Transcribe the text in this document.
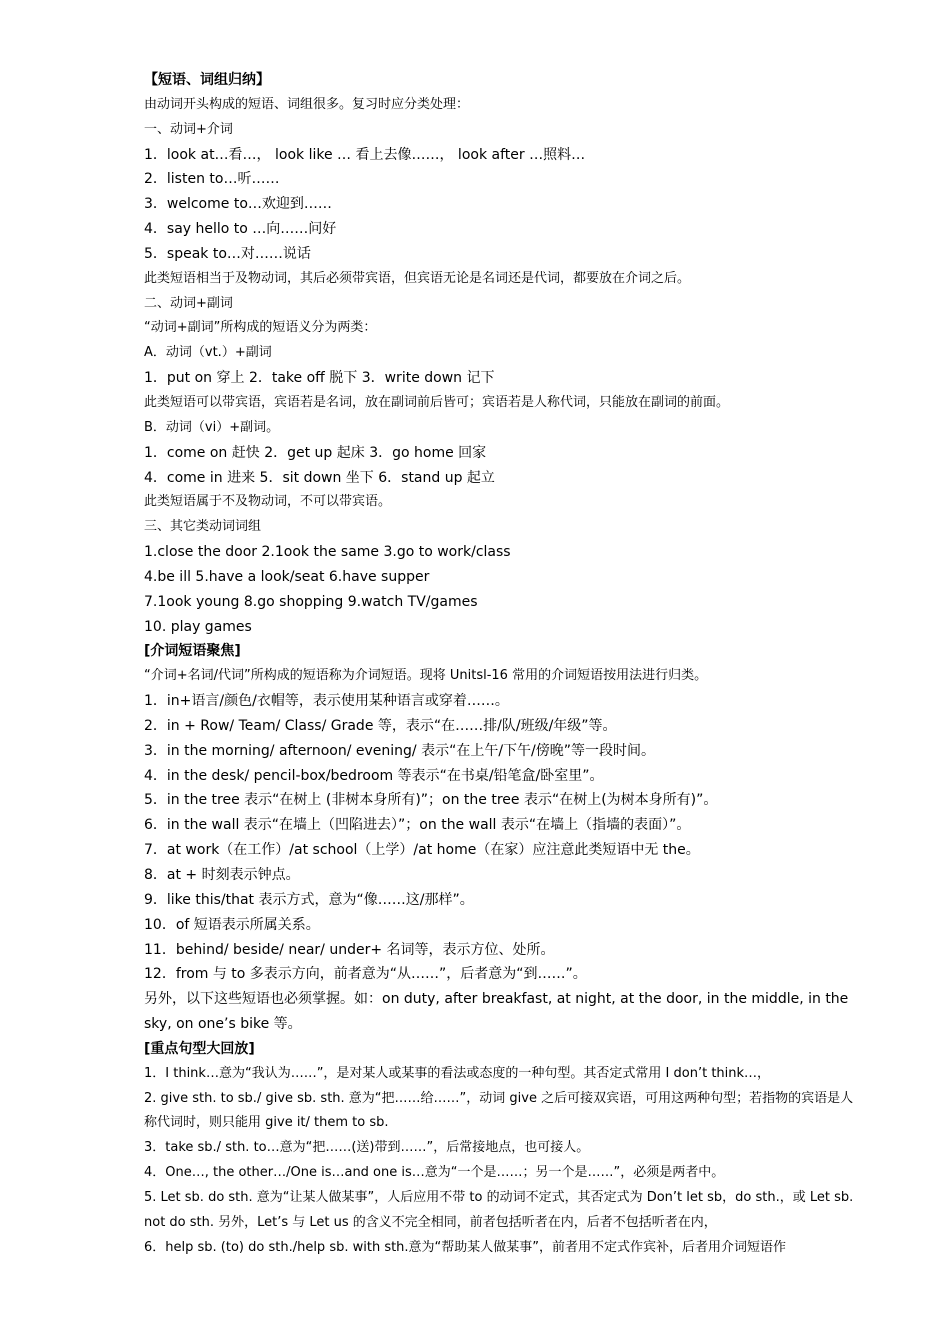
【短语、词组归纳】

由动词开头构成的短语、词组很多。复习时应分类处理：

一、动词+介词

1．look at…看…， look like … 看上去像……， look after …照料…

2．listen to…听……

3．welcome to…欢迎到……

4．say hello to …向……问好

5．speak to…对……说话

此类短语相当于及物动词，其后必须带宾语，但宾语无论是名词还是代词，都要放在介词之后。

二、动词+副词

“动词+副词”所构成的短语义分为两类：

A．动词（vt.）+副词

1．put on 穿上 2．take off 脱下 3．write down 记下

此类短语可以带宾语，宾语若是名词，放在副词前后皆可；宾语若是人称代词，只能放在副词的前面。

B．动词（vi）+副词。

1．come on 赶快 2．get up 起床 3．go home 回家

4．come in 进来 5．sit down 坐下 6．stand up 起立

此类短语属于不及物动词，不可以带宾语。

三、其它类动词词组

1.close the door 2.1ook the same 3.go to work/class

4.be ill 5.have a look/seat 6.have supper

7.1ook young 8.go shopping 9.watch TV/games

10. play games

[介词短语聚焦]

“介词+名词/代词”所构成的短语称为介词短语。现将 Unitsl-16 常用的介词短语按用法进行归类。

1．in+语言/颜色/衣帽等，表示使用某种语言或穿着……。

2．in + Row/ Team/ Class/ Grade 等，表示“在……排/队/班级/年级”等。

3．in the morning/ afternoon/ evening/ 表示“在上午/下午/傍晚”等一段时间。

4．in the desk/ pencil-box/bedroom 等表示“在书桌/铅笔盒/卧室里”。

5．in the tree 表示“在树上 (非树本身所有)”；on the tree 表示“在树上(为树本身所有)”。

6．in the wall 表示“在墙上（凹陷进去）”；on the wall 表示“在墙上（指墙的表面）”。

7．at work（在工作）/at school（上学）/at home（在家）应注意此类短语中无 the。

8．at + 时刻表示钟点。

9．like this/that 表示方式，意为“像……这/那样”。

10．of 短语表示所属关系。

11．behind/ beside/ near/ under+ 名词等，表示方位、处所。

12．from 与 to 多表示方向，前者意为“从……”，后者意为“到……”。

另外，以下这些短语也必须掌握。如：on duty, after breakfast, at night, at the door, in the middle, in the sky, on one’s bike 等。

[重点句型大回放]

1．I think…意为“我认为……”，是对某人或某事的看法或态度的一种句型。其否定式常用 I don’t think…，

2. give sth. to sb./ give sb. sth. 意为“把……给……”，动词 give 之后可接双宾语，可用这两种句型；若指物的宾语是人称代词时，则只能用 give it/ them to sb.

3．take sb./ sth. to…意为“把……(送)带到……”，后常接地点，也可接人。

4．One…, the other…/One is…and one is…意为“一个是……；另一个是……”，必须是两者中。

5. Let sb. do sth. 意为“让某人做某事”，人后应用不带 to 的动词不定式，其否定式为 Don’t let sb，do sth.，或 Let sb. not do sth. 另外，Let’s 与 Let us 的含义不完全相同，前者包括听者在内，后者不包括听者在内，

6．help sb. (to) do sth./help sb. with sth.意为“帮助某人做某事”，前者用不定式作宾补，后者用介词短语作
